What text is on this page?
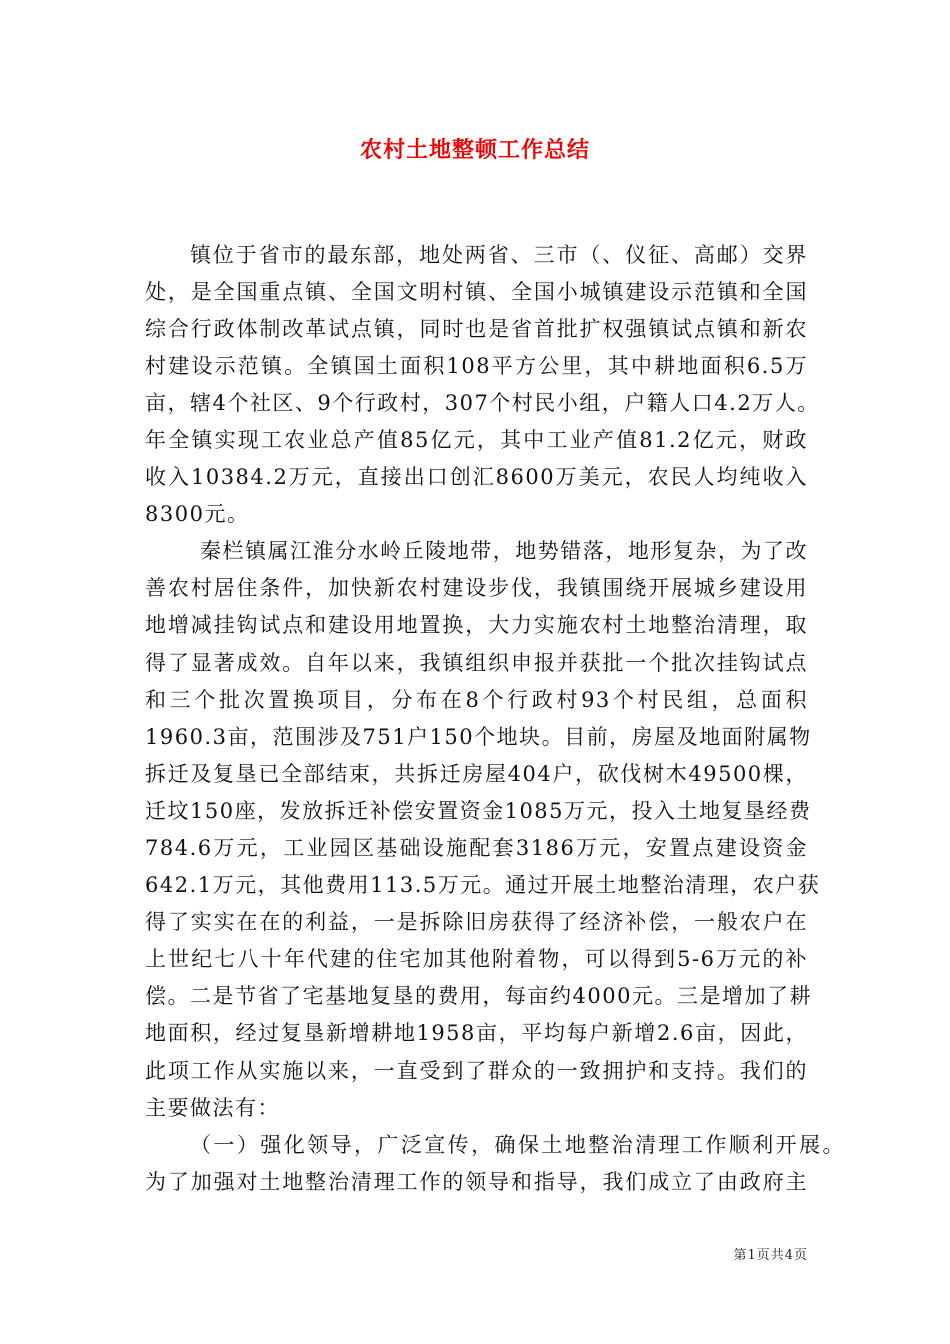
农村土地整顿工作总结
镇位于省市的最东部，地处两省、三市（、仪征、高邮）交界
处，是全国重点镇、全国文明村镇、全国小城镇建设示范镇和全国
综合行政体制改革试点镇，同时也是省首批扩权强镇试点镇和新农
村建设示范镇。全镇国土面积108平方公里，其中耕地面积6.5万
亩，辖4个社区、9个行政村，307个村民小组，户籍人口4.2万人。
年全镇实现工农业总产值85亿元，其中工业产值81.2亿元，财政
收入10384.2万元，直接出口创汇8600万美元，农民人均纯收入
8300元。
秦栏镇属江淮分水岭丘陵地带，地势错落，地形复杂，为了改
善农村居住条件，加快新农村建设步伐，我镇围绕开展城乡建设用
地增减挂钩试点和建设用地置换，大力实施农村土地整治清理，取
得了显著成效。自年以来，我镇组织申报并获批一个批次挂钩试点
和三个批次置换项目，分布在8个行政村93个村民组，总面积
1960.3亩，范围涉及751户150个地块。目前，房屋及地面附属物
拆迁及复垦已全部结束，共拆迁房屋404户，砍伐树木49500棵，
迁坟150座，发放拆迁补偿安置资金1085万元，投入土地复垦经费
784.6万元，工业园区基础设施配套3186万元，安置点建设资金
642.1万元，其他费用113.5万元。通过开展土地整治清理，农户获
得了实实在在的利益，一是拆除旧房获得了经济补偿，一般农户在
上世纪七八十年代建的住宅加其他附着物，可以得到5-6万元的补
偿。二是节省了宅基地复垦的费用，每亩约4000元。三是增加了耕
地面积，经过复垦新增耕地1958亩，平均每户新增2.6亩，因此，
此项工作从实施以来，一直受到了群众的一致拥护和支持。我们的
主要做法有：
（一）强化领导，广泛宣传，确保土地整治清理工作顺利开展。
为了加强对土地整治清理工作的领导和指导，我们成立了由政府主
第1页共4页
